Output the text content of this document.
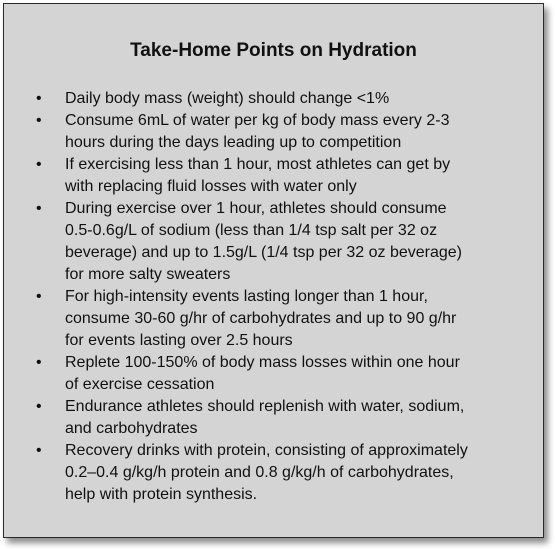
Take-Home Points on Hydration
• Daily body mass (weight) should change <1%
• Consume 6mL of water per kg of body mass every 2-3
hours during the days leading up to competition
• If exercising less than 1 hour, most athletes can get by
with replacing fluid losses with water only
• During exercise over 1 hour, athletes should consume
0.5-0.6g/L of sodium (less than 1/4 tsp salt per 32 oz
beverage) and up to 1.5g/L (1/4 tsp per 32 oz beverage)
for more salty sweaters
• For high-intensity events lasting longer than 1 hour,
consume 30-60 g/hr of carbohydrates and up to 90 g/hr
for events lasting over 2.5 hours
• Replete 100-150% of body mass losses within one hour
of exercise cessation
• Endurance athletes should replenish with water, sodium,
and carbohydrates
• Recovery drinks with protein, consisting of approximately
0.2–0.4 g/kg/h protein and 0.8 g/kg/h of carbohydrates,
help with protein synthesis.
